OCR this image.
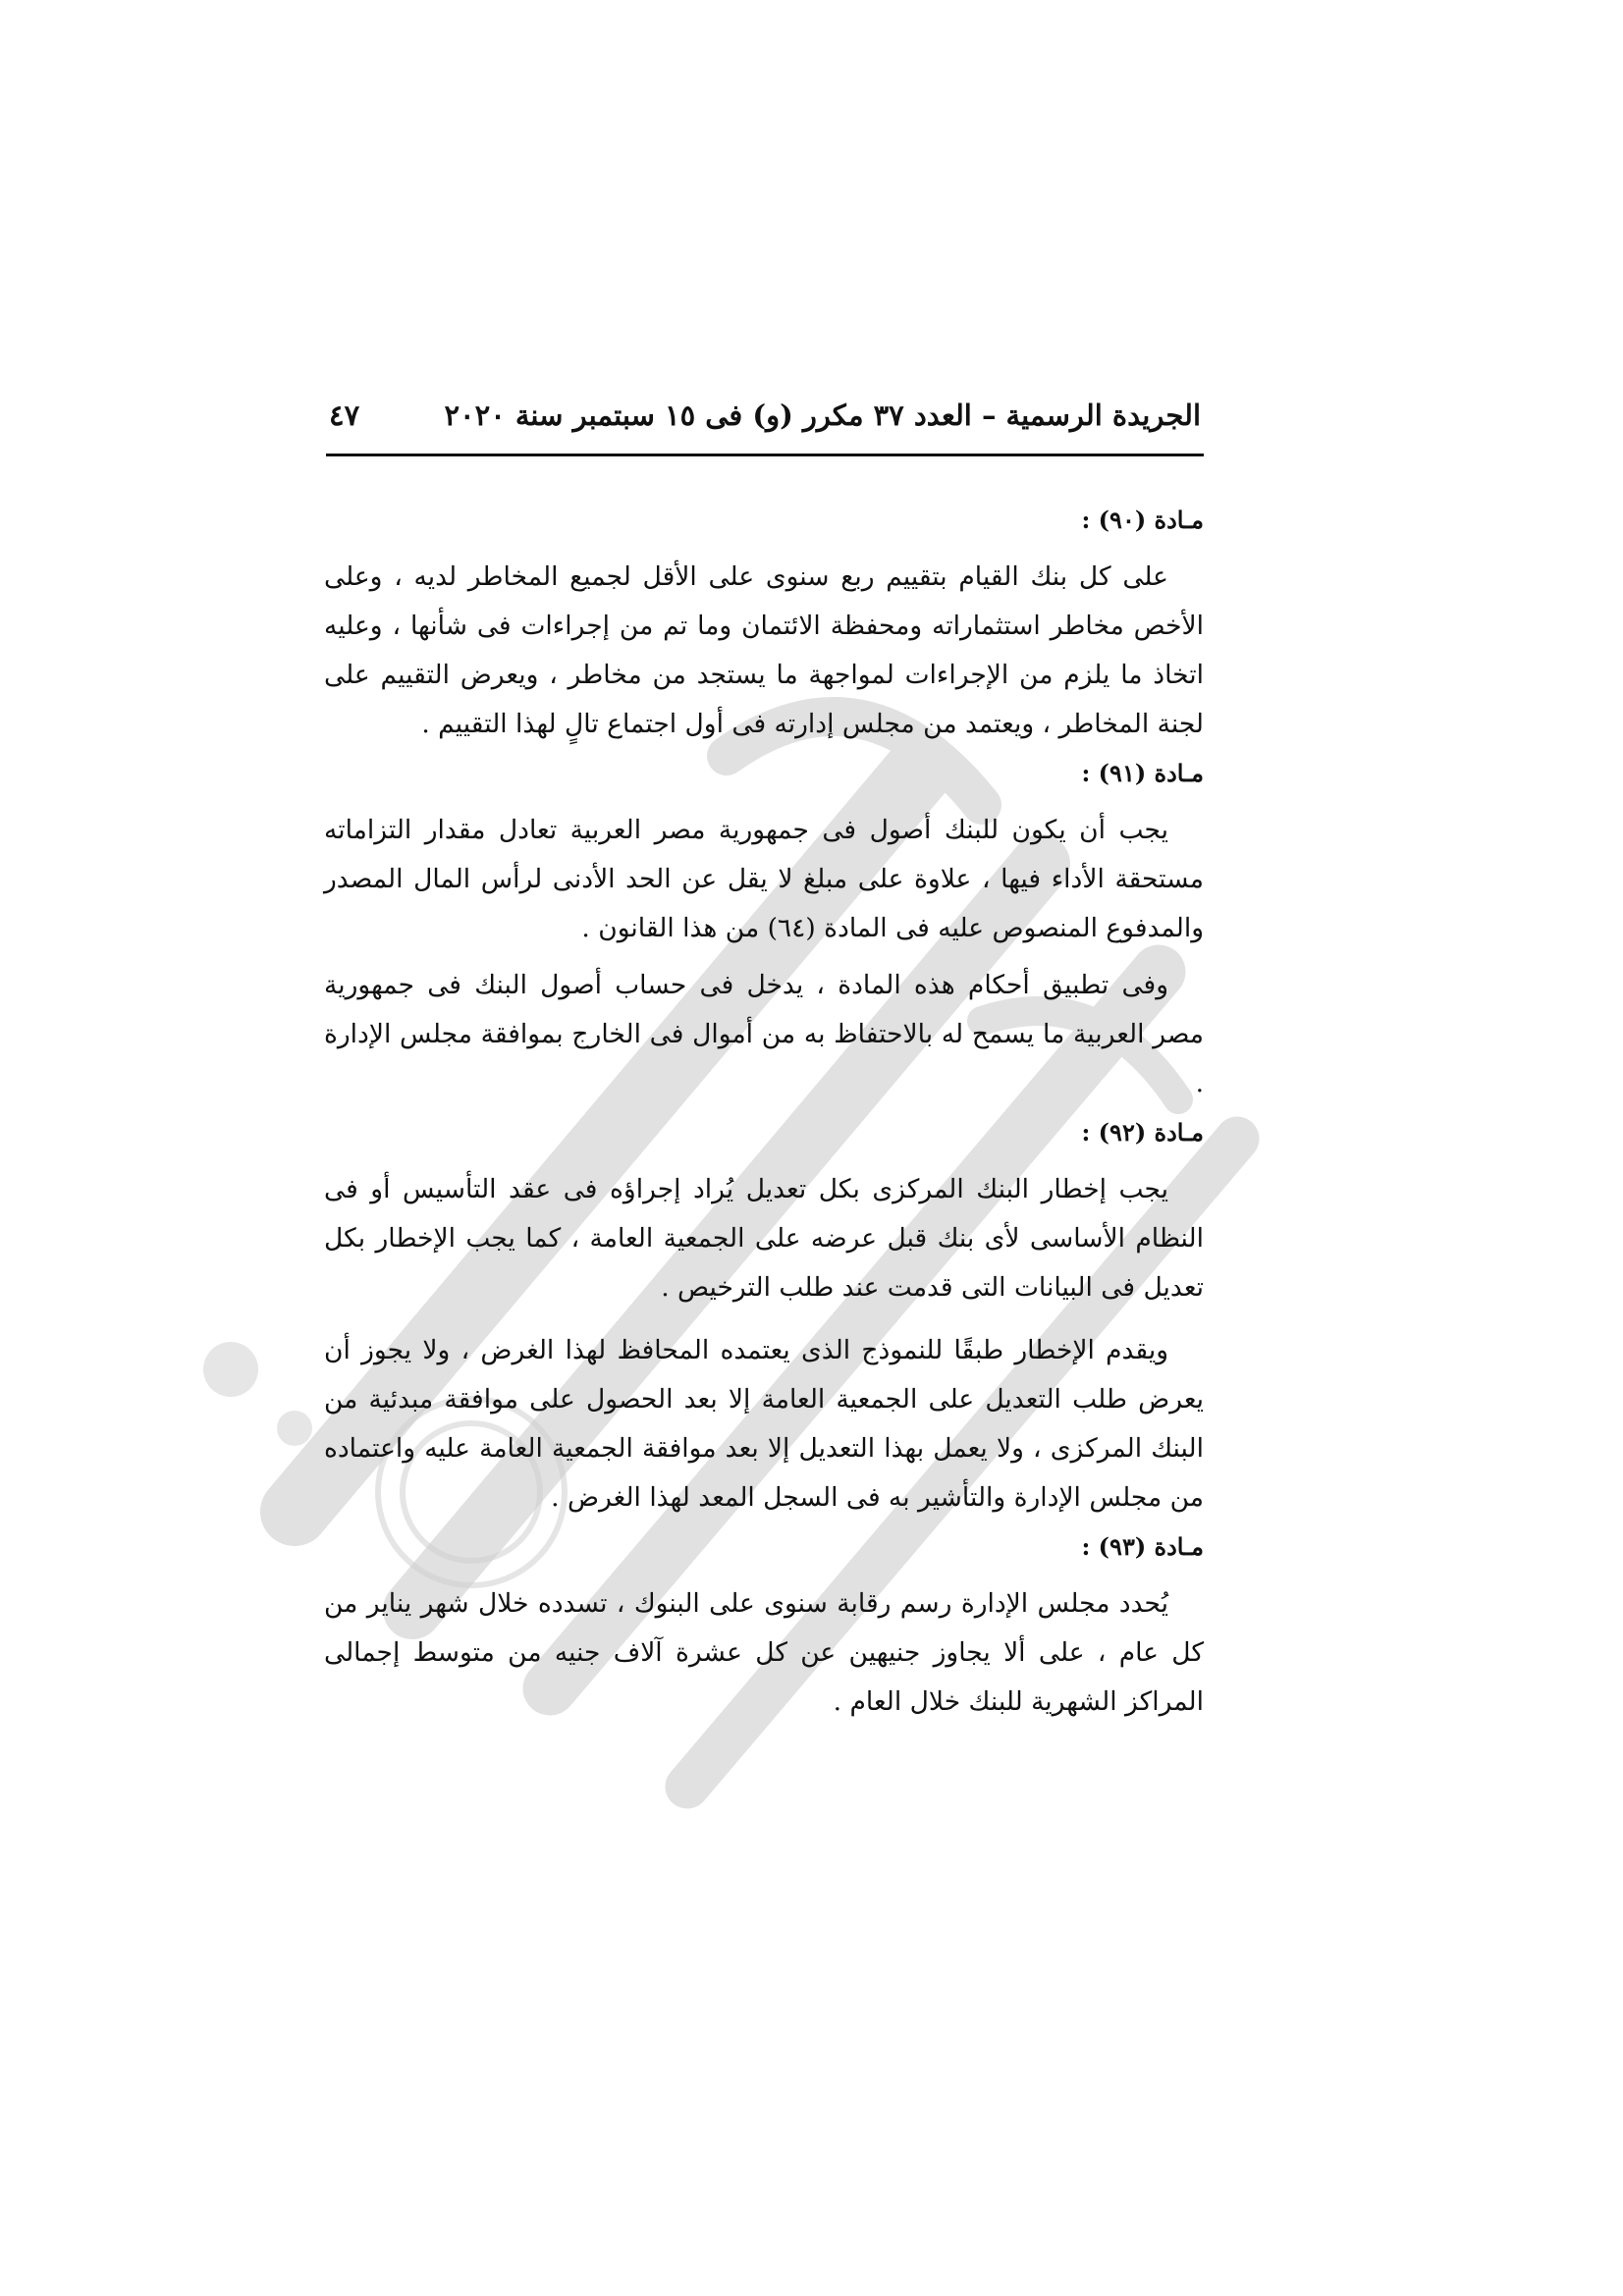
الجريدة الرسمية – العدد ٣٧ مكرر (و) فى ١٥ سبتمبر سنة ٢٠٢٠
٤٧
مـادة (٩٠) :

على كل بنك القيام بتقييم ربع سنوى على الأقل لجميع المخاطر لديه ، وعلى الأخص مخاطر استثماراته ومحفظة الائتمان وما تم من إجراءات فى شأنها ، وعليه اتخاذ ما يلزم من الإجراءات لمواجهة ما يستجد من مخاطر ، ويعرض التقييم على لجنة المخاطر ، ويعتمد من مجلس إدارته فى أول اجتماع تالٍ لهذا التقييم .

مـادة (٩١) :

يجب أن يكون للبنك أصول فى جمهورية مصر العربية تعادل مقدار التزاماته مستحقة الأداء فيها ، علاوة على مبلغ لا يقل عن الحد الأدنى لرأس المال المصدر والمدفوع المنصوص عليه فى المادة (٦٤) من هذا القانون .

وفى تطبيق أحكام هذه المادة ، يدخل فى حساب أصول البنك فى جمهورية مصر العربية ما يسمح له بالاحتفاظ به من أموال فى الخارج بموافقة مجلس الإدارة .

مـادة (٩٢) :

يجب إخطار البنك المركزى بكل تعديل يُراد إجراؤه فى عقد التأسيس أو فى النظام الأساسى لأى بنك قبل عرضه على الجمعية العامة ، كما يجب الإخطار بكل تعديل فى البيانات التى قدمت عند طلب الترخيص .

ويقدم الإخطار طبقًا للنموذج الذى يعتمده المحافظ لهذا الغرض ، ولا يجوز أن يعرض طلب التعديل على الجمعية العامة إلا بعد الحصول على موافقة مبدئية من البنك المركزى ، ولا يعمل بهذا التعديل إلا بعد موافقة الجمعية العامة عليه واعتماده من مجلس الإدارة والتأشير به فى السجل المعد لهذا الغرض .

مـادة (٩٣) :

يُحدد مجلس الإدارة رسم رقابة سنوى على البنوك ، تسدده خلال شهر يناير من كل عام ، على ألا يجاوز جنيهين عن كل عشرة آلاف جنيه من متوسط إجمالى المراكز الشهرية للبنك خلال العام .
